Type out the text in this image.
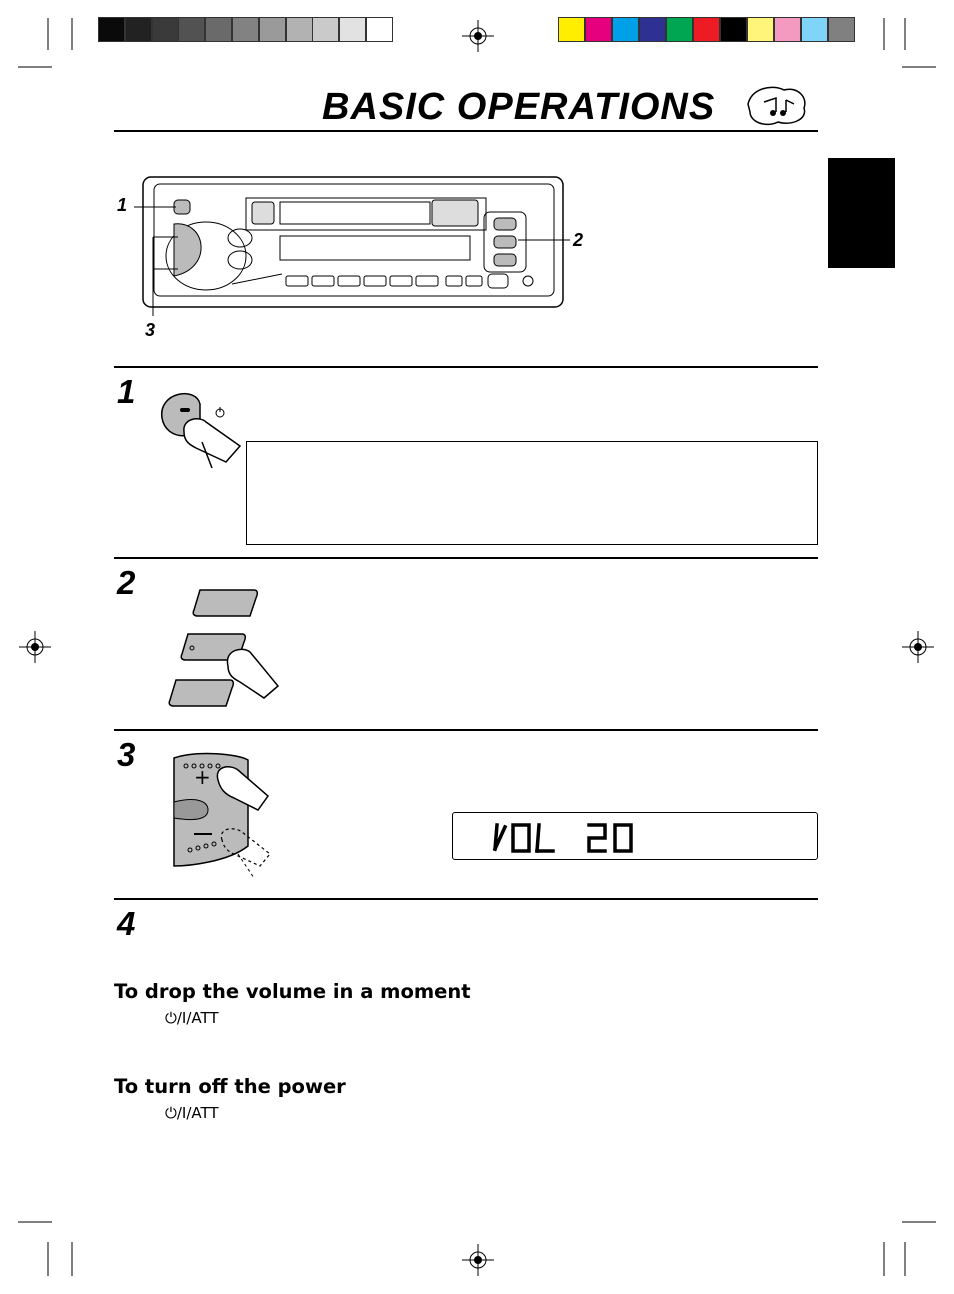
BASIC OPERATIONS
1
2
3
1
2
3
+
VOL 20
4
To drop the volume in a moment
⏻/I/ATT
To turn off the power
⏻/I/ATT
